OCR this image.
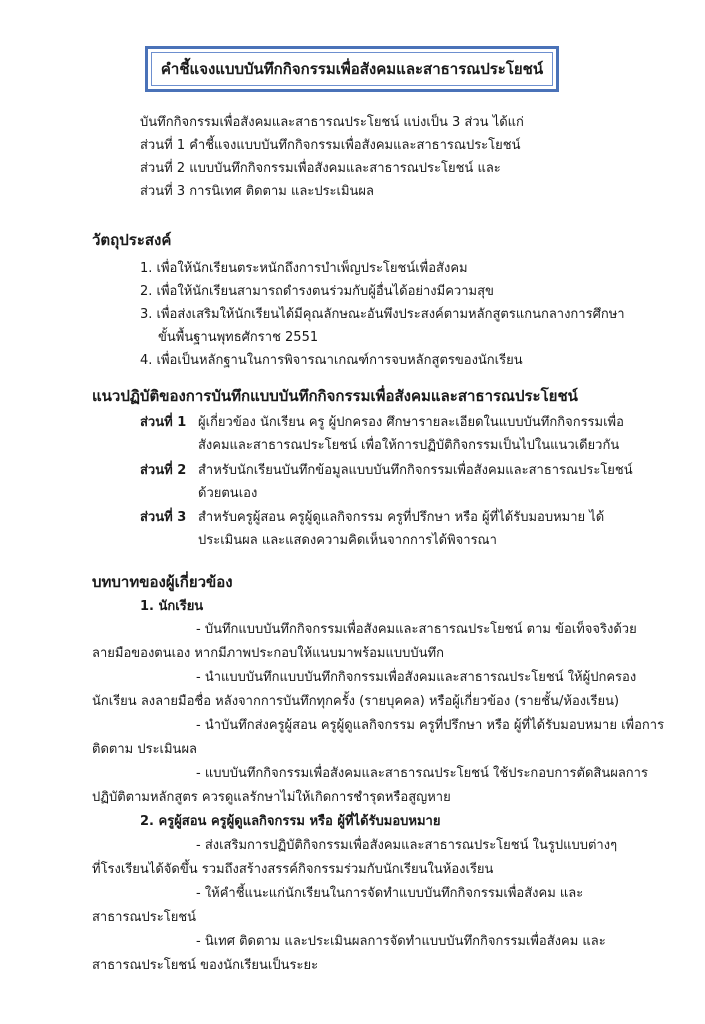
คำชี้แจงแบบบันทึกกิจกรรมเพื่อสังคมและสาธารณประโยชน์
บันทึกกิจกรรมเพื่อสังคมและสาธารณประโยชน์ แบ่งเป็น 3 ส่วน ได้แก่
ส่วนที่ 1 คำชี้แจงแบบบันทึกกิจกรรมเพื่อสังคมและสาธารณประโยชน์
ส่วนที่ 2 แบบบันทึกกิจกรรมเพื่อสังคมและสาธารณประโยชน์ และ
ส่วนที่ 3 การนิเทศ ติดตาม และประเมินผล
วัตถุประสงค์
1. เพื่อให้นักเรียนตระหนักถึงการบำเพ็ญประโยชน์เพื่อสังคม
2. เพื่อให้นักเรียนสามารถดำรงตนร่วมกับผู้อื่นได้อย่างมีความสุข
3. เพื่อส่งเสริมให้นักเรียนได้มีคุณลักษณะอันพึงประสงค์ตามหลักสูตรแกนกลางการศึกษา
ขั้นพื้นฐานพุทธศักราช 2551
4. เพื่อเป็นหลักฐานในการพิจารณาเกณฑ์การจบหลักสูตรของนักเรียน
แนวปฏิบัติของการบันทึกแบบบันทึกกิจกรรมเพื่อสังคมและสาธารณประโยชน์
ส่วนที่ 1 ผู้เกี่ยวข้อง นักเรียน ครู ผู้ปกครอง ศึกษารายละเอียดในแบบบันทึกกิจกรรมเพื่อ
สังคมและสาธารณประโยชน์ เพื่อให้การปฏิบัติกิจกรรมเป็นไปในแนวเดียวกัน
ส่วนที่ 2 สำหรับนักเรียนบันทึกข้อมูลแบบบันทึกกิจกรรมเพื่อสังคมและสาธารณประโยชน์
ด้วยตนเอง
ส่วนที่ 3 สำหรับครูผู้สอน ครูผู้ดูแลกิจกรรม ครูที่ปรึกษา หรือ ผู้ที่ได้รับมอบหมาย ได้
ประเมินผล และแสดงความคิดเห็นจากการได้พิจารณา
บทบาทของผู้เกี่ยวข้อง
1. นักเรียน
- บันทึกแบบบันทึกกิจกรรมเพื่อสังคมและสาธารณประโยชน์ ตาม ข้อเท็จจริงด้วย
ลายมือของตนเอง หากมีภาพประกอบให้แนบมาพร้อมแบบบันทึก
- นำแบบบันทึกแบบบันทึกกิจกรรมเพื่อสังคมและสาธารณประโยชน์ ให้ผู้ปกครอง
นักเรียน ลงลายมือชื่อ หลังจากการบันทึกทุกครั้ง (รายบุคคล) หรือผู้เกี่ยวข้อง (รายชั้น/ห้องเรียน)
- นำบันทึกส่งครูผู้สอน ครูผู้ดูแลกิจกรรม ครูที่ปรึกษา หรือ ผู้ที่ได้รับมอบหมาย เพื่อการ
ติดตาม ประเมินผล
- แบบบันทึกกิจกรรมเพื่อสังคมและสาธารณประโยชน์ ใช้ประกอบการตัดสินผลการ
ปฏิบัติตามหลักสูตร ควรดูแลรักษาไม่ให้เกิดการชำรุดหรือสูญหาย
2. ครูผู้สอน ครูผู้ดูแลกิจกรรม หรือ ผู้ที่ได้รับมอบหมาย
- ส่งเสริมการปฏิบัติกิจกรรมเพื่อสังคมและสาธารณประโยชน์ ในรูปแบบต่างๆ
ที่โรงเรียนได้จัดขึ้น รวมถึงสร้างสรรค์กิจกรรมร่วมกับนักเรียนในห้องเรียน
- ให้คำชี้แนะแก่นักเรียนในการจัดทำแบบบันทึกกิจกรรมเพื่อสังคม และ
สาธารณประโยชน์
- นิเทศ ติดตาม และประเมินผลการจัดทำแบบบันทึกกิจกรรมเพื่อสังคม และ
สาธารณประโยชน์ ของนักเรียนเป็นระยะ
